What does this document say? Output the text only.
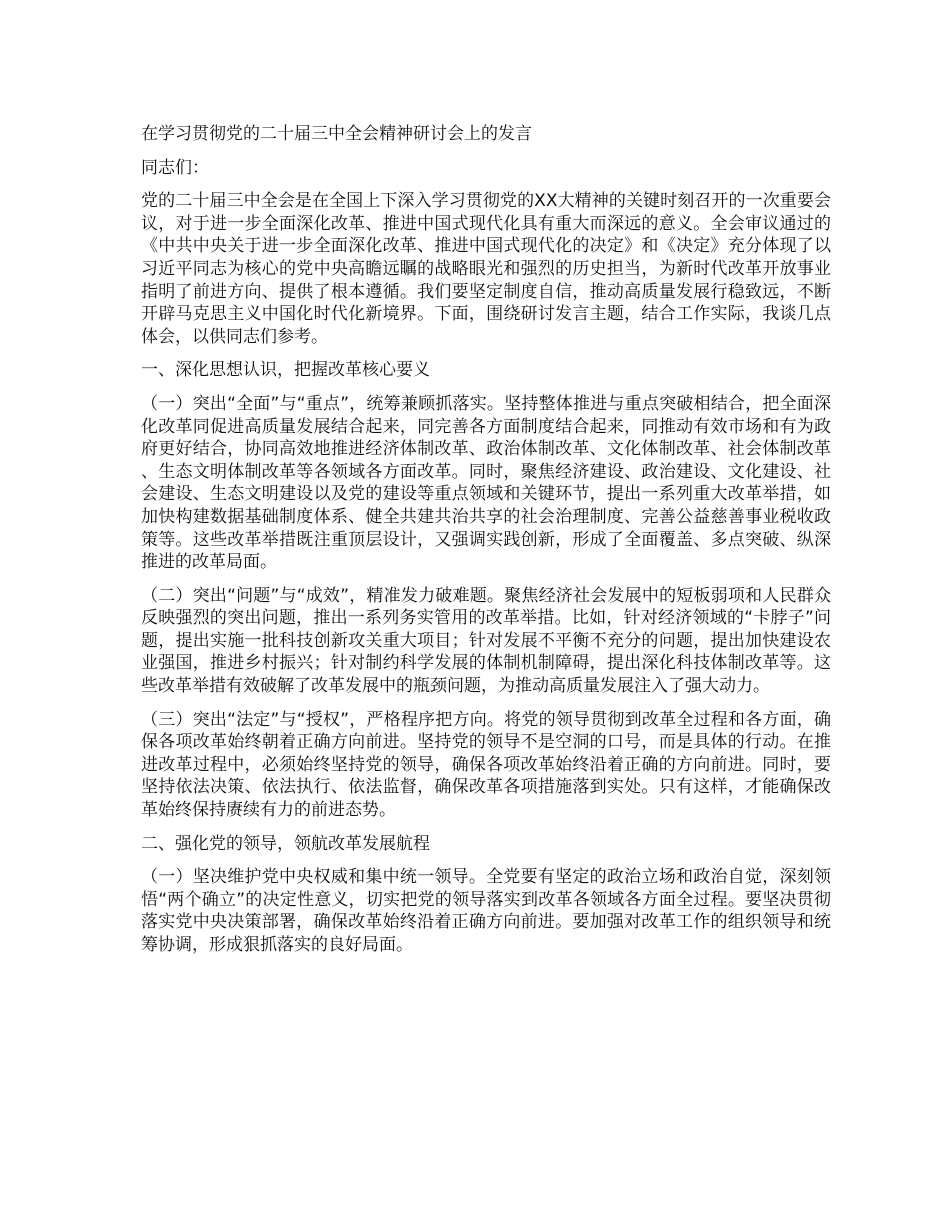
在学习贯彻党的二十届三中全会精神研讨会上的发言

同志们：

党的二十届三中全会是在全国上下深入学习贯彻党的XX大精神的关键时刻召开的一次重要会议，对于进一步全面深化改革、推进中国式现代化具有重大而深远的意义。全会审议通过的《中共中央关于进一步全面深化改革、推进中国式现代化的决定》和《决定》充分体现了以习近平同志为核心的党中央高瞻远瞩的战略眼光和强烈的历史担当，为新时代改革开放事业指明了前进方向、提供了根本遵循。我们要坚定制度自信，推动高质量发展行稳致远，不断开辟马克思主义中国化时代化新境界。下面，围绕研讨发言主题，结合工作实际，我谈几点体会，以供同志们参考。

一、深化思想认识，把握改革核心要义

（一）突出“全面”与“重点”，统筹兼顾抓落实。坚持整体推进与重点突破相结合，把全面深化改革同促进高质量发展结合起来，同完善各方面制度结合起来，同推动有效市场和有为政府更好结合，协同高效地推进经济体制改革、政治体制改革、文化体制改革、社会体制改革、生态文明体制改革等各领域各方面改革。同时，聚焦经济建设、政治建设、文化建设、社会建设、生态文明建设以及党的建设等重点领域和关键环节，提出一系列重大改革举措，如加快构建数据基础制度体系、健全共建共治共享的社会治理制度、完善公益慈善事业税收政策等。这些改革举措既注重顶层设计，又强调实践创新，形成了全面覆盖、多点突破、纵深推进的改革局面。

（二）突出“问题”与“成效”，精准发力破难题。聚焦经济社会发展中的短板弱项和人民群众反映强烈的突出问题，推出一系列务实管用的改革举措。比如，针对经济领域的“卡脖子”问题，提出实施一批科技创新攻关重大项目；针对发展不平衡不充分的问题，提出加快建设农业强国，推进乡村振兴；针对制约科学发展的体制机制障碍，提出深化科技体制改革等。这些改革举措有效破解了改革发展中的瓶颈问题，为推动高质量发展注入了强大动力。

（三）突出“法定”与“授权”，严格程序把方向。将党的领导贯彻到改革全过程和各方面，确保各项改革始终朝着正确方向前进。坚持党的领导不是空洞的口号，而是具体的行动。在推进改革过程中，必须始终坚持党的领导，确保各项改革始终沿着正确的方向前进。同时，要坚持依法决策、依法执行、依法监督，确保改革各项措施落到实处。只有这样，才能确保改革始终保持赓续有力的前进态势。

二、强化党的领导，领航改革发展航程

（一）坚决维护党中央权威和集中统一领导。全党要有坚定的政治立场和政治自觉，深刻领悟“两个确立”的决定性意义，切实把党的领导落实到改革各领域各方面全过程。要坚决贯彻落实党中央决策部署，确保改革始终沿着正确方向前进。要加强对改革工作的组织领导和统筹协调，形成狠抓落实的良好局面。
